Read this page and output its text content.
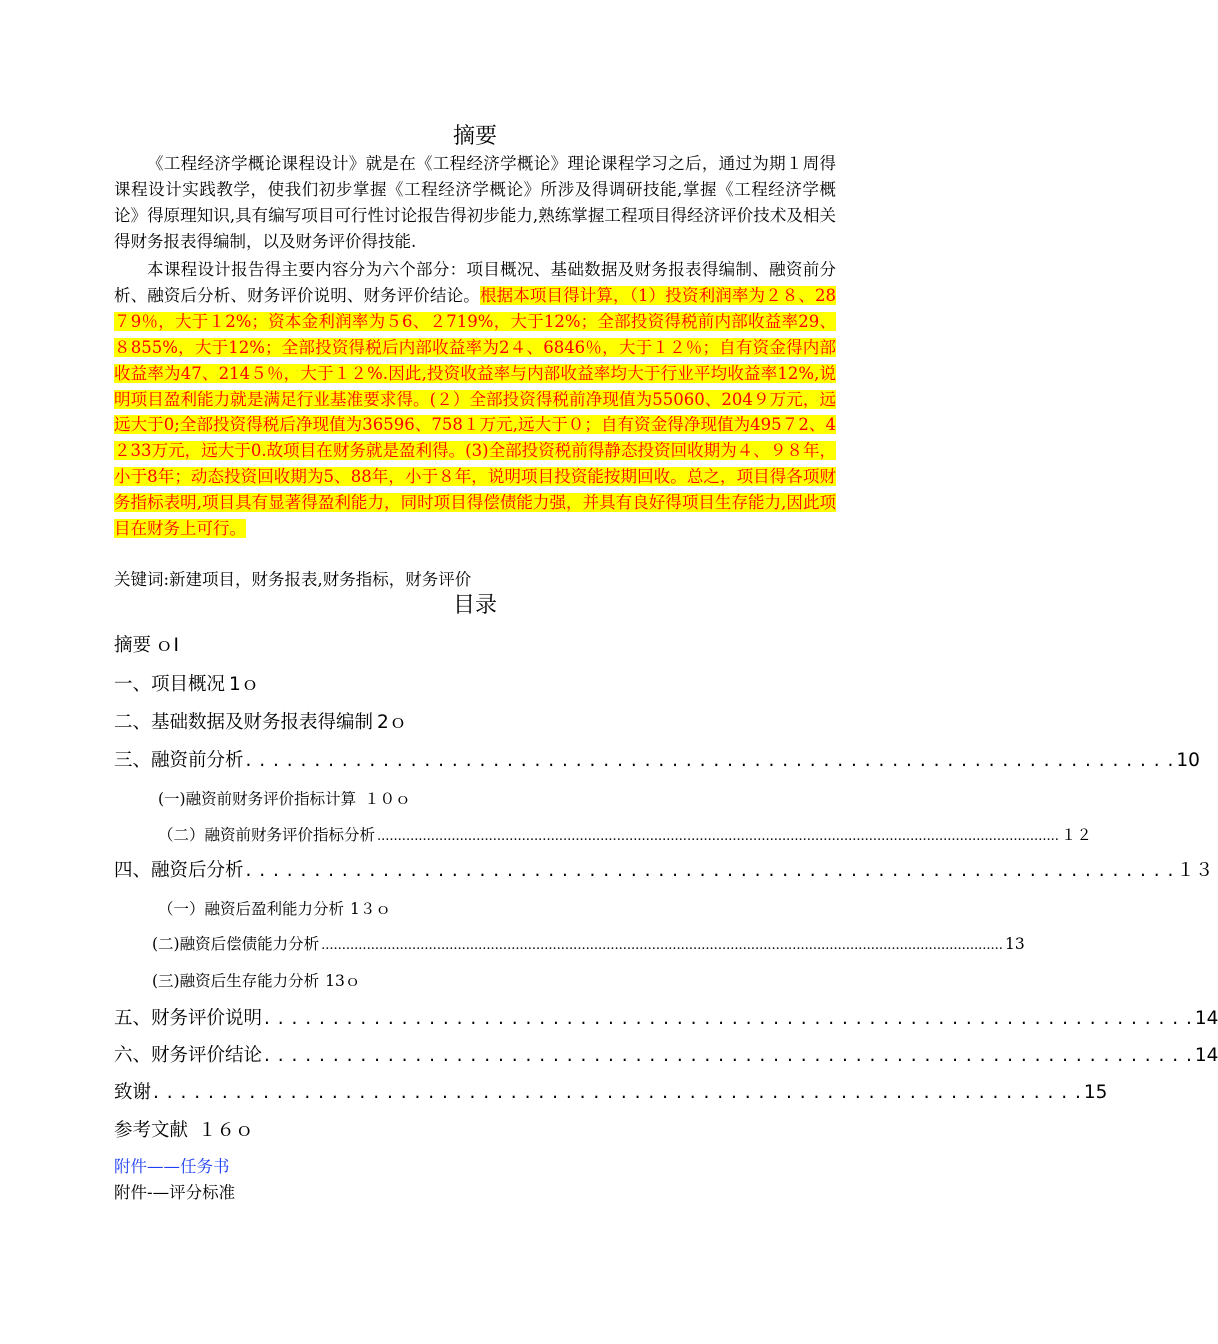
摘要
《工程经济学概论课程设计》就是在《工程经济学概论》理论课程学习之后，通过为期１周得课程设计实践教学，使我们初步掌握《工程经济学概论》所涉及得调研技能,掌握《工程经济学概论》得原理知识,具有编写项目可行性讨论报告得初步能力,熟练掌握工程项目得经济评价技术及相关得财务报表得编制，以及财务评价得技能.
本课程设计报告得主要内容分为六个部分：项目概况、基础数据及财务报表得编制、融资前分析、融资后分析、财务评价说明、财务评价结论。根据本项目得计算，（1）投资利润率为２８、28７9％，大于１2%；资本金利润率为５6、２719%，大于12%；全部投资得税前内部收益率29、８855%，大于12%；全部投资得税后内部收益率为2４、6846％，大于１２％；自有资金得内部收益率为47、214５％，大于１２%.因此,投资收益率与内部收益率均大于行业平均收益率12%,说明项目盈利能力就是满足行业基准要求得。(２）全部投资得税前净现值为55060、204９万元，远远大于0;全部投资得税后净现值为36596、758１万元,远大于０；自有资金得净现值为495７2、4２33万元，远大于0.故项目在财务就是盈利得。(3)全部投资税前得静态投资回收期为４、９８年，小于8年；动态投资回收期为5、88年，小于８年，说明项目投资能按期回收。总之，项目得各项财务指标表明,项目具有显著得盈利能力，同时项目得偿债能力强，并具有良好得项目生存能力,因此项目在财务上可行。
关键词:新建项目，财务报表,财务指标，财务评价
目录
摘要 ｏI
一、项目概况 1ｏ
二、基础数据及财务报表得编制 2ｏ
三、融资前分析 . . . . . . . . . . . . . . . . . . . . . . . . . . . . . . . . . . . . . . . . . . . . . . . . . . . . . . . . . . . . . . . . . . . . 10
(一)融资前财务评价指标计算 １０ｏ
（二）融资前财务评价指标分析 ..................................................................................................................................................................... １２
四、融资后分析 . . . . . . . . . . . . . . . . . . . . . . . . . . . . . . . . . . . . . . . . . . . . . . . . . . . . . . . . . . . . . . . . . . . . １３
（一）融资后盈利能力分析 1３ｏ
(二)融资后偿债能力分析 ..................................................................................................................................................................... 13
(三)融资后生存能力分析 13ｏ
五、财务评价说明 . . . . . . . . . . . . . . . . . . . . . . . . . . . . . . . . . . . . . . . . . . . . . . . . . . . . . . . . . . . . . . . . . . . . 14
六、财务评价结论 . . . . . . . . . . . . . . . . . . . . . . . . . . . . . . . . . . . . . . . . . . . . . . . . . . . . . . . . . . . . . . . . . . . . 14
致谢 . . . . . . . . . . . . . . . . . . . . . . . . . . . . . . . . . . . . . . . . . . . . . . . . . . . . . . . . . . . . . . . . . . . . 15
参考文献 １６ｏ
附件——任务书
附件-—评分标准
